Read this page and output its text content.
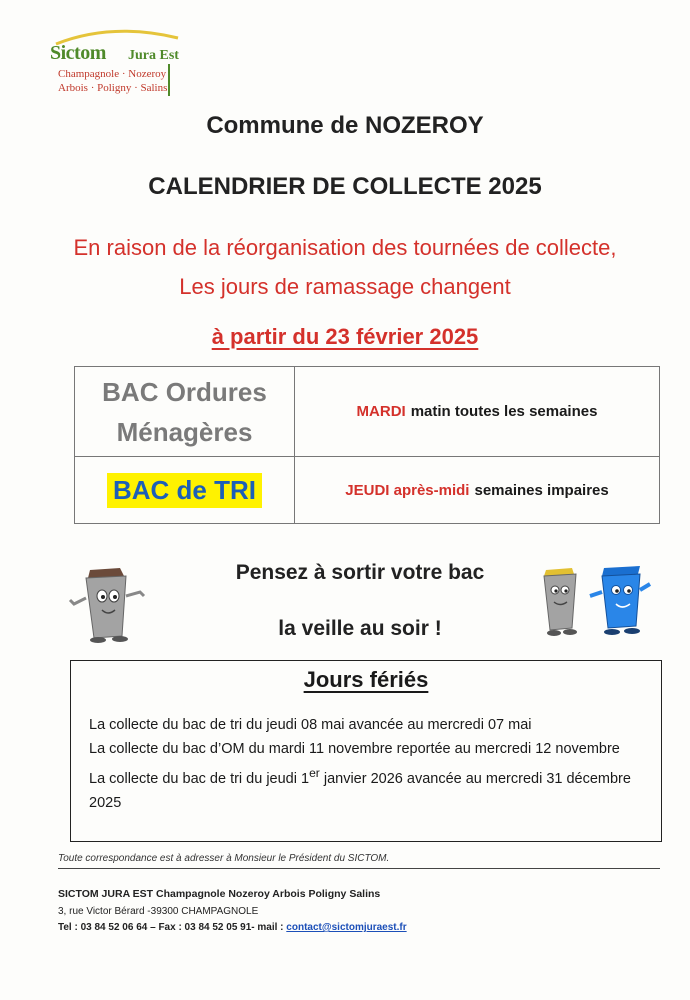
Sictom Jura Est
Champagnole · Nozeroy
Arbois · Poligny · Salins
Commune de NOZEROY
CALENDRIER DE COLLECTE 2025
En raison de la réorganisation des tournées de collecte, Les jours de ramassage changent
à partir du 23 février 2025
BAC Ordures Ménagères
MARDI matin toutes les semaines
BAC de TRI	JEUDI après-midi semaines impaires
Pensez à sortir votre bac
la veille au soir !
Jours fériés

La collecte du bac de tri du jeudi 08 mai avancée au mercredi 07 mai

La collecte du bac d’OM du mardi 11 novembre reportée au mercredi 12 novembre

La collecte du bac de tri du jeudi 1er janvier 2026 avancée au mercredi 31 décembre 2025

Toute correspondance est à adresser à Monsieur le Président du SICTOM.
SICTOM JURA EST Champagnole Nozeroy Arbois Poligny Salins
3, rue Victor Bérard -39300 CHAMPAGNOLE
Tel : 03 84 52 06 64 – Fax : 03 84 52 05 91- mail : contact@sictomjuraest.fr
